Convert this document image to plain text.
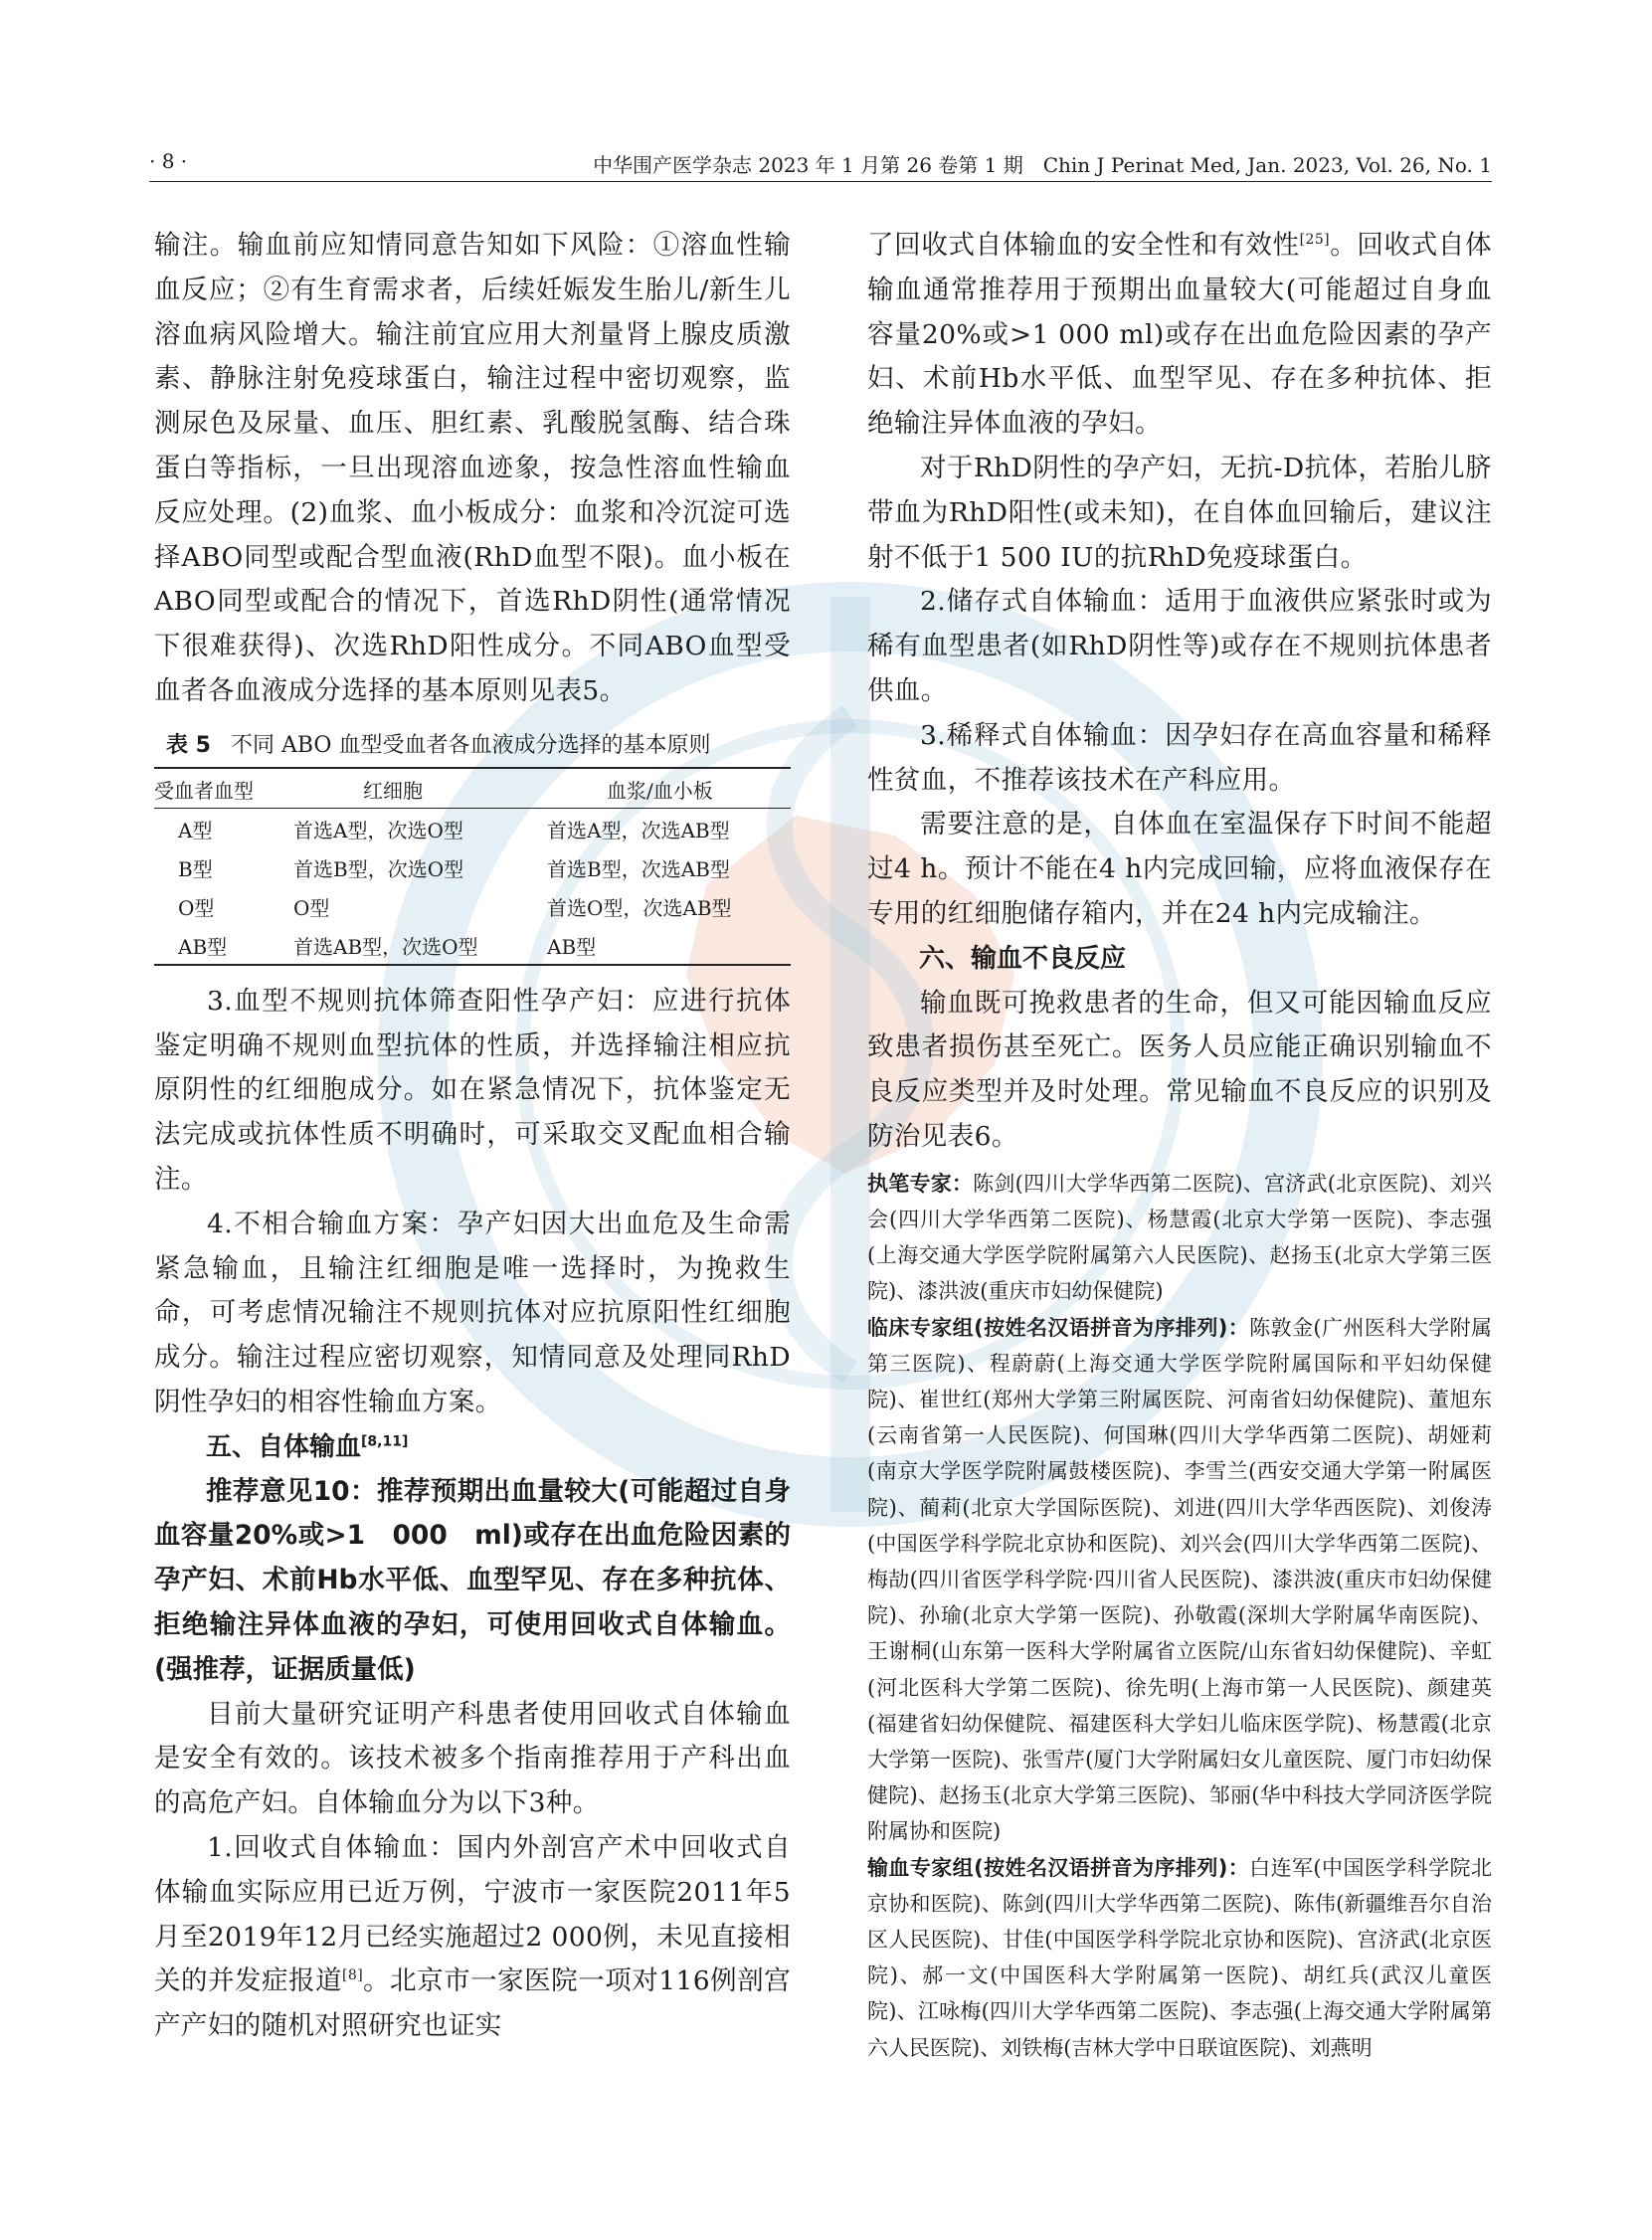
· 8 ·	中华围产医学杂志 2023 年 1 月第 26 卷第 1 期　Chin J Perinat Med, Jan. 2023, Vol. 26, No. 1

输注。输血前应知情同意告知如下风险：①溶血性输血反应；②有生育需求者，后续妊娠发生胎儿/新生儿溶血病风险增大。输注前宜应用大剂量肾上腺皮质激素、静脉注射免疫球蛋白，输注过程中密切观察，监测尿色及尿量、血压、胆红素、乳酸脱氢酶、结合珠蛋白等指标，一旦出现溶血迹象，按急性溶血性输血反应处理。(2)血浆、血小板成分：血浆和冷沉淀可选择ABO同型或配合型血液(RhD血型不限)。血小板在ABO同型或配合的情况下，首选RhD阴性(通常情况下很难获得)、次选RhD阳性成分。不同ABO血型受血者各血液成分选择的基本原则见表5。

表 5 不同 ABO 血型受血者各血液成分选择的基本原则
受血者血型	红细胞	血浆/血小板
A型	首选A型，次选O型	首选A型，次选AB型
B型	首选B型，次选O型	首选B型，次选AB型
O型	O型	首选O型，次选AB型
AB型	首选AB型，次选O型	AB型

3.血型不规则抗体筛查阳性孕产妇：应进行抗体鉴定明确不规则血型抗体的性质，并选择输注相应抗原阴性的红细胞成分。如在紧急情况下，抗体鉴定无法完成或抗体性质不明确时，可采取交叉配血相合输注。

4.不相合输血方案：孕产妇因大出血危及生命需紧急输血，且输注红细胞是唯一选择时，为挽救生命，可考虑情况输注不规则抗体对应抗原阳性红细胞成分。输注过程应密切观察，知情同意及处理同RhD阴性孕妇的相容性输血方案。

五、自体输血[8,11]

推荐意见10：推荐预期出血量较大(可能超过自身血容量20%或>1　000　ml)或存在出血危险因素的孕产妇、术前Hb水平低、血型罕见、存在多种抗体、拒绝输注异体血液的孕妇，可使用回收式自体输血。(强推荐，证据质量低)

目前大量研究证明产科患者使用回收式自体输血是安全有效的。该技术被多个指南推荐用于产科出血的高危产妇。自体输血分为以下3种。

1.回收式自体输血：国内外剖宫产术中回收式自体输血实际应用已近万例，宁波市一家医院2011年5月至2019年12月已经实施超过2 000例，未见直接相关的并发症报道[8]。北京市一家医院一项对116例剖宫产产妇的随机对照研究也证实

了回收式自体输血的安全性和有效性[25]。回收式自体输血通常推荐用于预期出血量较大(可能超过自身血容量20%或>1 000 ml)或存在出血危险因素的孕产妇、术前Hb水平低、血型罕见、存在多种抗体、拒绝输注异体血液的孕妇。

对于RhD阴性的孕产妇，无抗-D抗体，若胎儿脐带血为RhD阳性(或未知)，在自体血回输后，建议注射不低于1 500 IU的抗RhD免疫球蛋白。

2.储存式自体输血：适用于血液供应紧张时或为稀有血型患者(如RhD阴性等)或存在不规则抗体患者供血。

3.稀释式自体输血：因孕妇存在高血容量和稀释性贫血，不推荐该技术在产科应用。

需要注意的是，自体血在室温保存下时间不能超过4 h。预计不能在4 h内完成回输，应将血液保存在专用的红细胞储存箱内，并在24 h内完成输注。

六、输血不良反应

输血既可挽救患者的生命，但又可能因输血反应致患者损伤甚至死亡。医务人员应能正确识别输血不良反应类型并及时处理。常见输血不良反应的识别及防治见表6。

执笔专家：陈剑(四川大学华西第二医院)、宫济武(北京医院)、刘兴会(四川大学华西第二医院)、杨慧霞(北京大学第一医院)、李志强(上海交通大学医学院附属第六人民医院)、赵扬玉(北京大学第三医院)、漆洪波(重庆市妇幼保健院)

临床专家组(按姓名汉语拼音为序排列)：陈敦金(广州医科大学附属第三医院)、程蔚蔚(上海交通大学医学院附属国际和平妇幼保健院)、崔世红(郑州大学第三附属医院、河南省妇幼保健院)、董旭东(云南省第一人民医院)、何国琳(四川大学华西第二医院)、胡娅莉(南京大学医学院附属鼓楼医院)、李雪兰(西安交通大学第一附属医院)、蔺莉(北京大学国际医院)、刘进(四川大学华西医院)、刘俊涛(中国医学科学院北京协和医院)、刘兴会(四川大学华西第二医院)、梅劼(四川省医学科学院·四川省人民医院)、漆洪波(重庆市妇幼保健院)、孙瑜(北京大学第一医院)、孙敬霞(深圳大学附属华南医院)、王谢桐(山东第一医科大学附属省立医院/山东省妇幼保健院)、辛虹(河北医科大学第二医院)、徐先明(上海市第一人民医院)、颜建英(福建省妇幼保健院、福建医科大学妇儿临床医学院)、杨慧霞(北京大学第一医院)、张雪芹(厦门大学附属妇女儿童医院、厦门市妇幼保健院)、赵扬玉(北京大学第三医院)、邹丽(华中科技大学同济医学院附属协和医院)

输血专家组(按姓名汉语拼音为序排列)：白连军(中国医学科学院北京协和医院)、陈剑(四川大学华西第二医院)、陈伟(新疆维吾尔自治区人民医院)、甘佳(中国医学科学院北京协和医院)、宫济武(北京医院)、郝一文(中国医科大学附属第一医院)、胡红兵(武汉儿童医院)、江咏梅(四川大学华西第二医院)、李志强(上海交通大学附属第六人民医院)、刘铁梅(吉林大学中日联谊医院)、刘燕明
